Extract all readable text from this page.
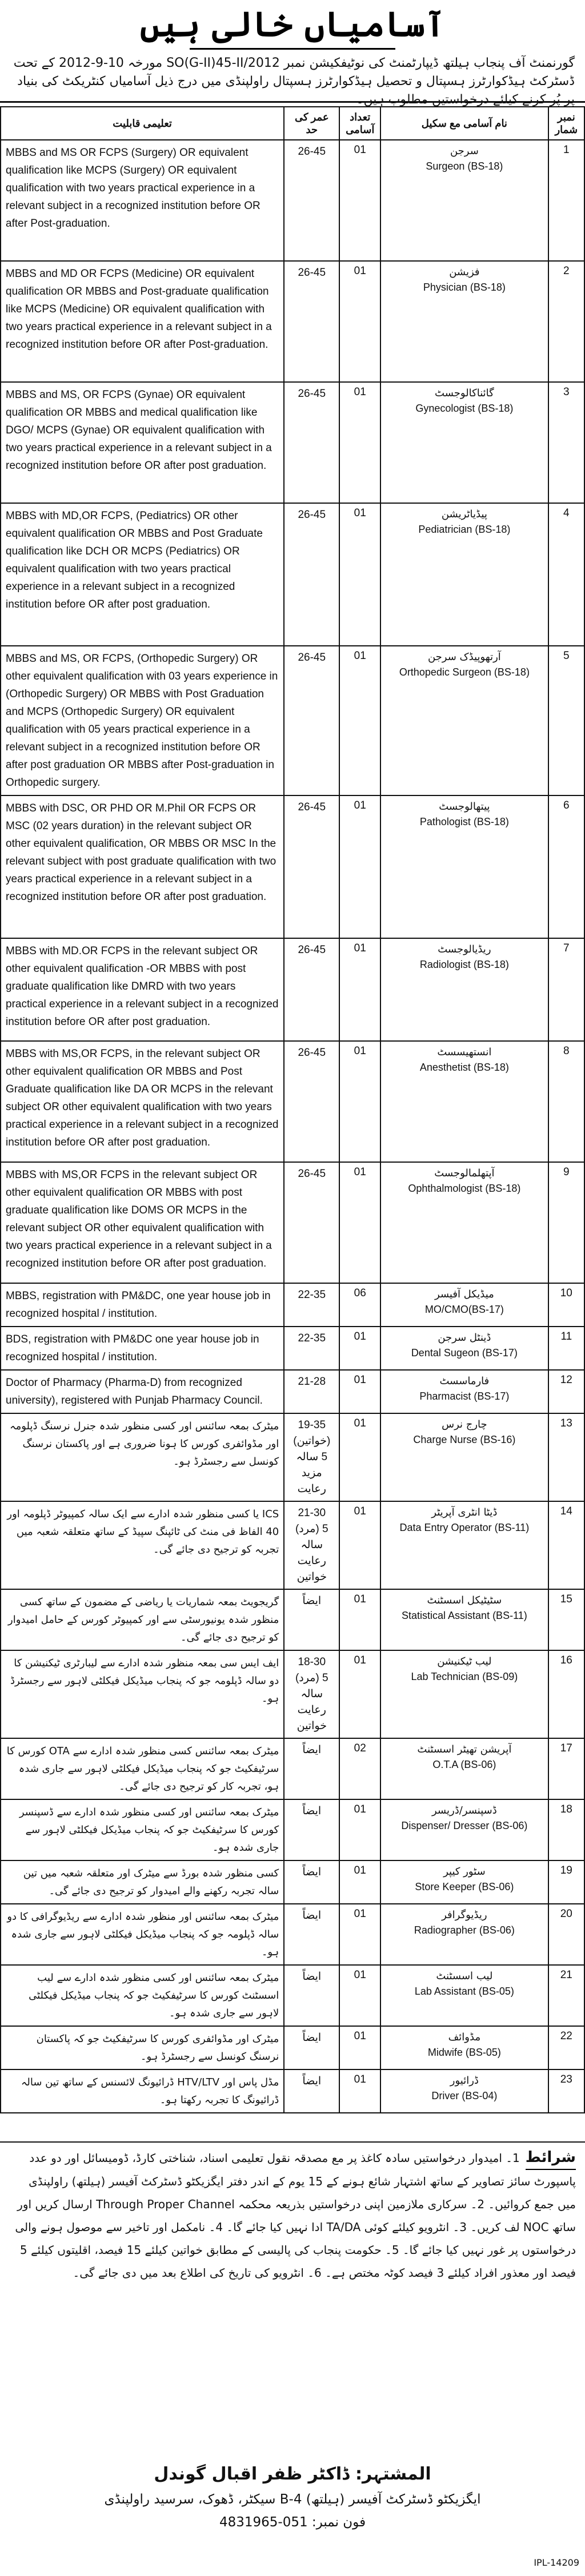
آسامیاں خالی ہیں

گورنمنٹ آف پنجاب ہیلتھ ڈیپارٹمنٹ کی نوٹیفکیشن نمبر SO(G-II)45-II/2012 مورخہ 10-9-2012 کے تحت ڈسٹرکٹ ہیڈکوارٹرز ہسپتال و تحصیل ہیڈکوارٹرز ہسپتال راولپنڈی میں درج ذیل آسامیاں کنٹریکٹ کی بنیاد پر پُر کرنے کیلئے درخواستیں مطلوب ہیں۔

تعلیمی قابلیت	عمر کی حد	تعداد آسامی	نام آسامی مع سکیل	نمبر شمار
MBBS and MS OR FCPS (Surgery) OR equivalent qualification like MCPS (Surgery) OR equivalent qualification with two years practical experience in a relevant subject in a recognized institution before OR after Post-graduation.	26-45	01	سرجن
Surgeon (BS-18)	1
MBBS and MD OR FCPS (Medicine) OR equivalent qualification OR MBBS and Post-graduate qualification like MCPS (Medicine) OR equivalent qualification with two years practical experience in a relevant subject in a recognized institution before OR after Post-graduation.	26-45	01	فزیشن
Physician (BS-18)	2
MBBS and MS, OR FCPS (Gynae) OR equivalent qualification OR MBBS and medical qualification like DGO/ MCPS (Gynae) OR equivalent qualification with two years practical experience in a relevant subject in a recognized institution before OR after post graduation.	26-45	01	گائناکالوجسٹ
Gynecologist (BS-18)	3
MBBS with MD,OR FCPS, (Pediatrics) OR other equivalent qualification OR MBBS and Post Graduate qualification like DCH OR MCPS (Pediatrics) OR equivalent qualification with two years practical experience in a relevant subject in a recognized institution before OR after post graduation.	26-45	01	پیڈیاٹریشن
Pediatrician (BS-18)	4
MBBS and MS, OR FCPS, (Orthopedic Surgery) OR other equivalent qualification with 03 years experience in (Orthopedic Surgery) OR MBBS with Post Graduation and MCPS (Orthopedic Surgery) OR equivalent qualification with 05 years practical experience in a relevant subject in a recognized institution before OR after post graduation OR MBBS after Post-graduation in Orthopedic surgery.	26-45	01	آرتھوپیڈک سرجن
Orthopedic Surgeon (BS-18)	5
MBBS with DSC, OR PHD OR M.Phil OR FCPS OR MSC (02 years duration) in the relevant subject OR other equivalent qualification, OR MBBS OR MSC In the relevant subject with post graduate qualification with two years practical experience in a relevant subject in a recognized institution before OR after post graduation.	26-45	01	پیتھالوجسٹ
Pathologist (BS-18)	6
MBBS with MD.OR FCPS in the relevant subject OR other equivalent qualification -OR MBBS with post graduate qualification like DMRD with two years practical experience in a relevant subject in a recognized institution before OR after post graduation.	26-45	01	ریڈیالوجسٹ
Radiologist (BS-18)	7
MBBS with MS,OR FCPS, in the relevant subject OR other equivalent qualification OR MBBS and Post Graduate qualification like DA OR MCPS in the relevant subject OR other equivalent qualification with two years practical experience in a relevant subject in a recognized institution before OR after post graduation.	26-45	01	انستھیسسٹ
Anesthetist (BS-18)	8
MBBS with MS,OR FCPS in the relevant subject OR other equivalent qualification OR MBBS with post graduate qualification like DOMS OR MCPS in the relevant subject OR other equivalent qualification with two years practical experience in a relevant subject in a recognized institution before OR after post graduation.	26-45	01	آپتھلمالوجسٹ
Ophthalmologist (BS-18)	9
MBBS, registration with PM&DC, one year house job in recognized hospital / institution.	22-35	06	میڈیکل آفیسر
MO/CMO(BS-17)	10
BDS, registration with PM&DC one year house job in recognized hospital / institution.	22-35	01	ڈینٹل سرجن
Dental Sugeon (BS-17)	11
Doctor of Pharmacy (Pharma-D) from recognized university), registered with Punjab Pharmacy Council.	21-28	01	فارماسسٹ
Pharmacist (BS-17)	12
میٹرک بمعہ سائنس اور کسی منظور شدہ جنرل نرسنگ ڈپلومہ اور مڈوائفری کورس کا ہونا ضروری ہے اور پاکستان نرسنگ کونسل سے رجسٹرڈ ہو۔	19-35 (خواتین) 5 سالہ مزید رعایت	01	چارج نرس
Charge Nurse (BS-16)	13
ICS یا کسی منظور شدہ ادارے سے ایک سالہ کمپیوٹر ڈپلومہ اور 40 الفاظ فی منٹ کی ٹائپنگ سپیڈ کے ساتھ متعلقہ شعبہ میں تجربہ کو ترجیح دی جائے گی۔	21-30 (مرد) 5 سالہ رعایت خواتین	01	ڈیٹا انٹری آپریٹر
Data Entry Operator (BS-11)	14
گریجویٹ بمعہ شماریات یا ریاضی کے مضمون کے ساتھ کسی منظور شدہ یونیورسٹی سے اور کمپیوٹر کورس کے حامل امیدوار کو ترجیح دی جائے گی۔	ایضاً	01	سٹیٹیکل اسسٹنٹ
Statistical Assistant (BS-11)	15
ایف ایس سی بمعہ منظور شدہ ادارے سے لیبارٹری ٹیکنیشن کا دو سالہ ڈپلومہ جو کہ پنجاب میڈیکل فیکلٹی لاہور سے رجسٹرڈ ہو۔	18-30 (مرد) 5 سالہ رعایت خواتین	01	لیب ٹیکنیشن
Lab Technician (BS-09)	16
میٹرک بمعہ سائنس کسی منظور شدہ ادارے سے OTA کورس کا سرٹیفکیٹ جو کہ پنجاب میڈیکل فیکلٹی لاہور سے جاری شدہ ہو، تجربہ کار کو ترجیح دی جائے گی۔	ایضاً	02	آپریشن تھیٹر اسسٹنٹ
O.T.A (BS-06)	17
میٹرک بمعہ سائنس اور کسی منظور شدہ ادارے سے ڈسپنسر کورس کا سرٹیفکیٹ جو کہ پنجاب میڈیکل فیکلٹی لاہور سے جاری شدہ ہو۔	ایضاً	01	ڈسپنسر/ڈریسر
Dispenser/ Dresser (BS-06)	18
کسی منظور شدہ بورڈ سے میٹرک اور متعلقہ شعبہ میں تین سالہ تجربہ رکھنے والے امیدوار کو ترجیح دی جائے گی۔	ایضاً	01	سٹور کیپر
Store Keeper (BS-06)	19
میٹرک بمعہ سائنس اور منظور شدہ ادارے سے ریڈیوگرافی کا دو سالہ ڈپلومہ جو کہ پنجاب میڈیکل فیکلٹی لاہور سے جاری شدہ ہو۔	ایضاً	01	ریڈیوگرافر
Radiographer (BS-06)	20
میٹرک بمعہ سائنس اور کسی منظور شدہ ادارے سے لیب اسسٹنٹ کورس کا سرٹیفکیٹ جو کہ پنجاب میڈیکل فیکلٹی لاہور سے جاری شدہ ہو۔	ایضاً	01	لیب اسسٹنٹ
Lab Assistant (BS-05)	21
میٹرک اور مڈوائفری کورس کا سرٹیفکیٹ جو کہ پاکستان نرسنگ کونسل سے رجسٹرڈ ہو۔	ایضاً	01	مڈوائف
Midwife (BS-05)	22
مڈل پاس اور HTV/LTV ڈرائیونگ لائسنس کے ساتھ تین سالہ ڈرائیونگ کا تجربہ رکھتا ہو۔	ایضاً	01	ڈرائیور
Driver (BS-04)	23

شرائط1۔ امیدوار درخواستیں سادہ کاغذ پر مع مصدقہ نقول تعلیمی اسناد، شناختی کارڈ، ڈومیسائل اور دو عدد پاسپورٹ سائز تصاویر کے ساتھ اشتہار شائع ہونے کے 15 یوم کے اندر دفتر ایگزیکٹو ڈسٹرکٹ آفیسر (ہیلتھ) راولپنڈی میں جمع کروائیں۔ 2۔ سرکاری ملازمین اپنی درخواستیں بذریعہ محکمہ Through Proper Channel ارسال کریں اور ساتھ NOC لف کریں۔ 3۔ انٹرویو کیلئے کوئی TA/DA ادا نہیں کیا جائے گا۔ 4۔ نامکمل اور تاخیر سے موصول ہونے والی درخواستوں پر غور نہیں کیا جائے گا۔ 5۔ حکومت پنجاب کی پالیسی کے مطابق خواتین کیلئے 15 فیصد، اقلیتوں کیلئے 5 فیصد اور معذور افراد کیلئے 3 فیصد کوٹہ مختص ہے۔ 6۔ انٹرویو کی تاریخ کی اطلاع بعد میں دی جائے گی۔

المشتہر: ڈاکٹر ظفر اقبال گوندل
ایگزیکٹو ڈسٹرکٹ آفیسر (ہیلتھ) 4-B سیکٹر، ڈھوک، سرسید راولپنڈی
فون نمبر: 051-4831965
IPL-14209
